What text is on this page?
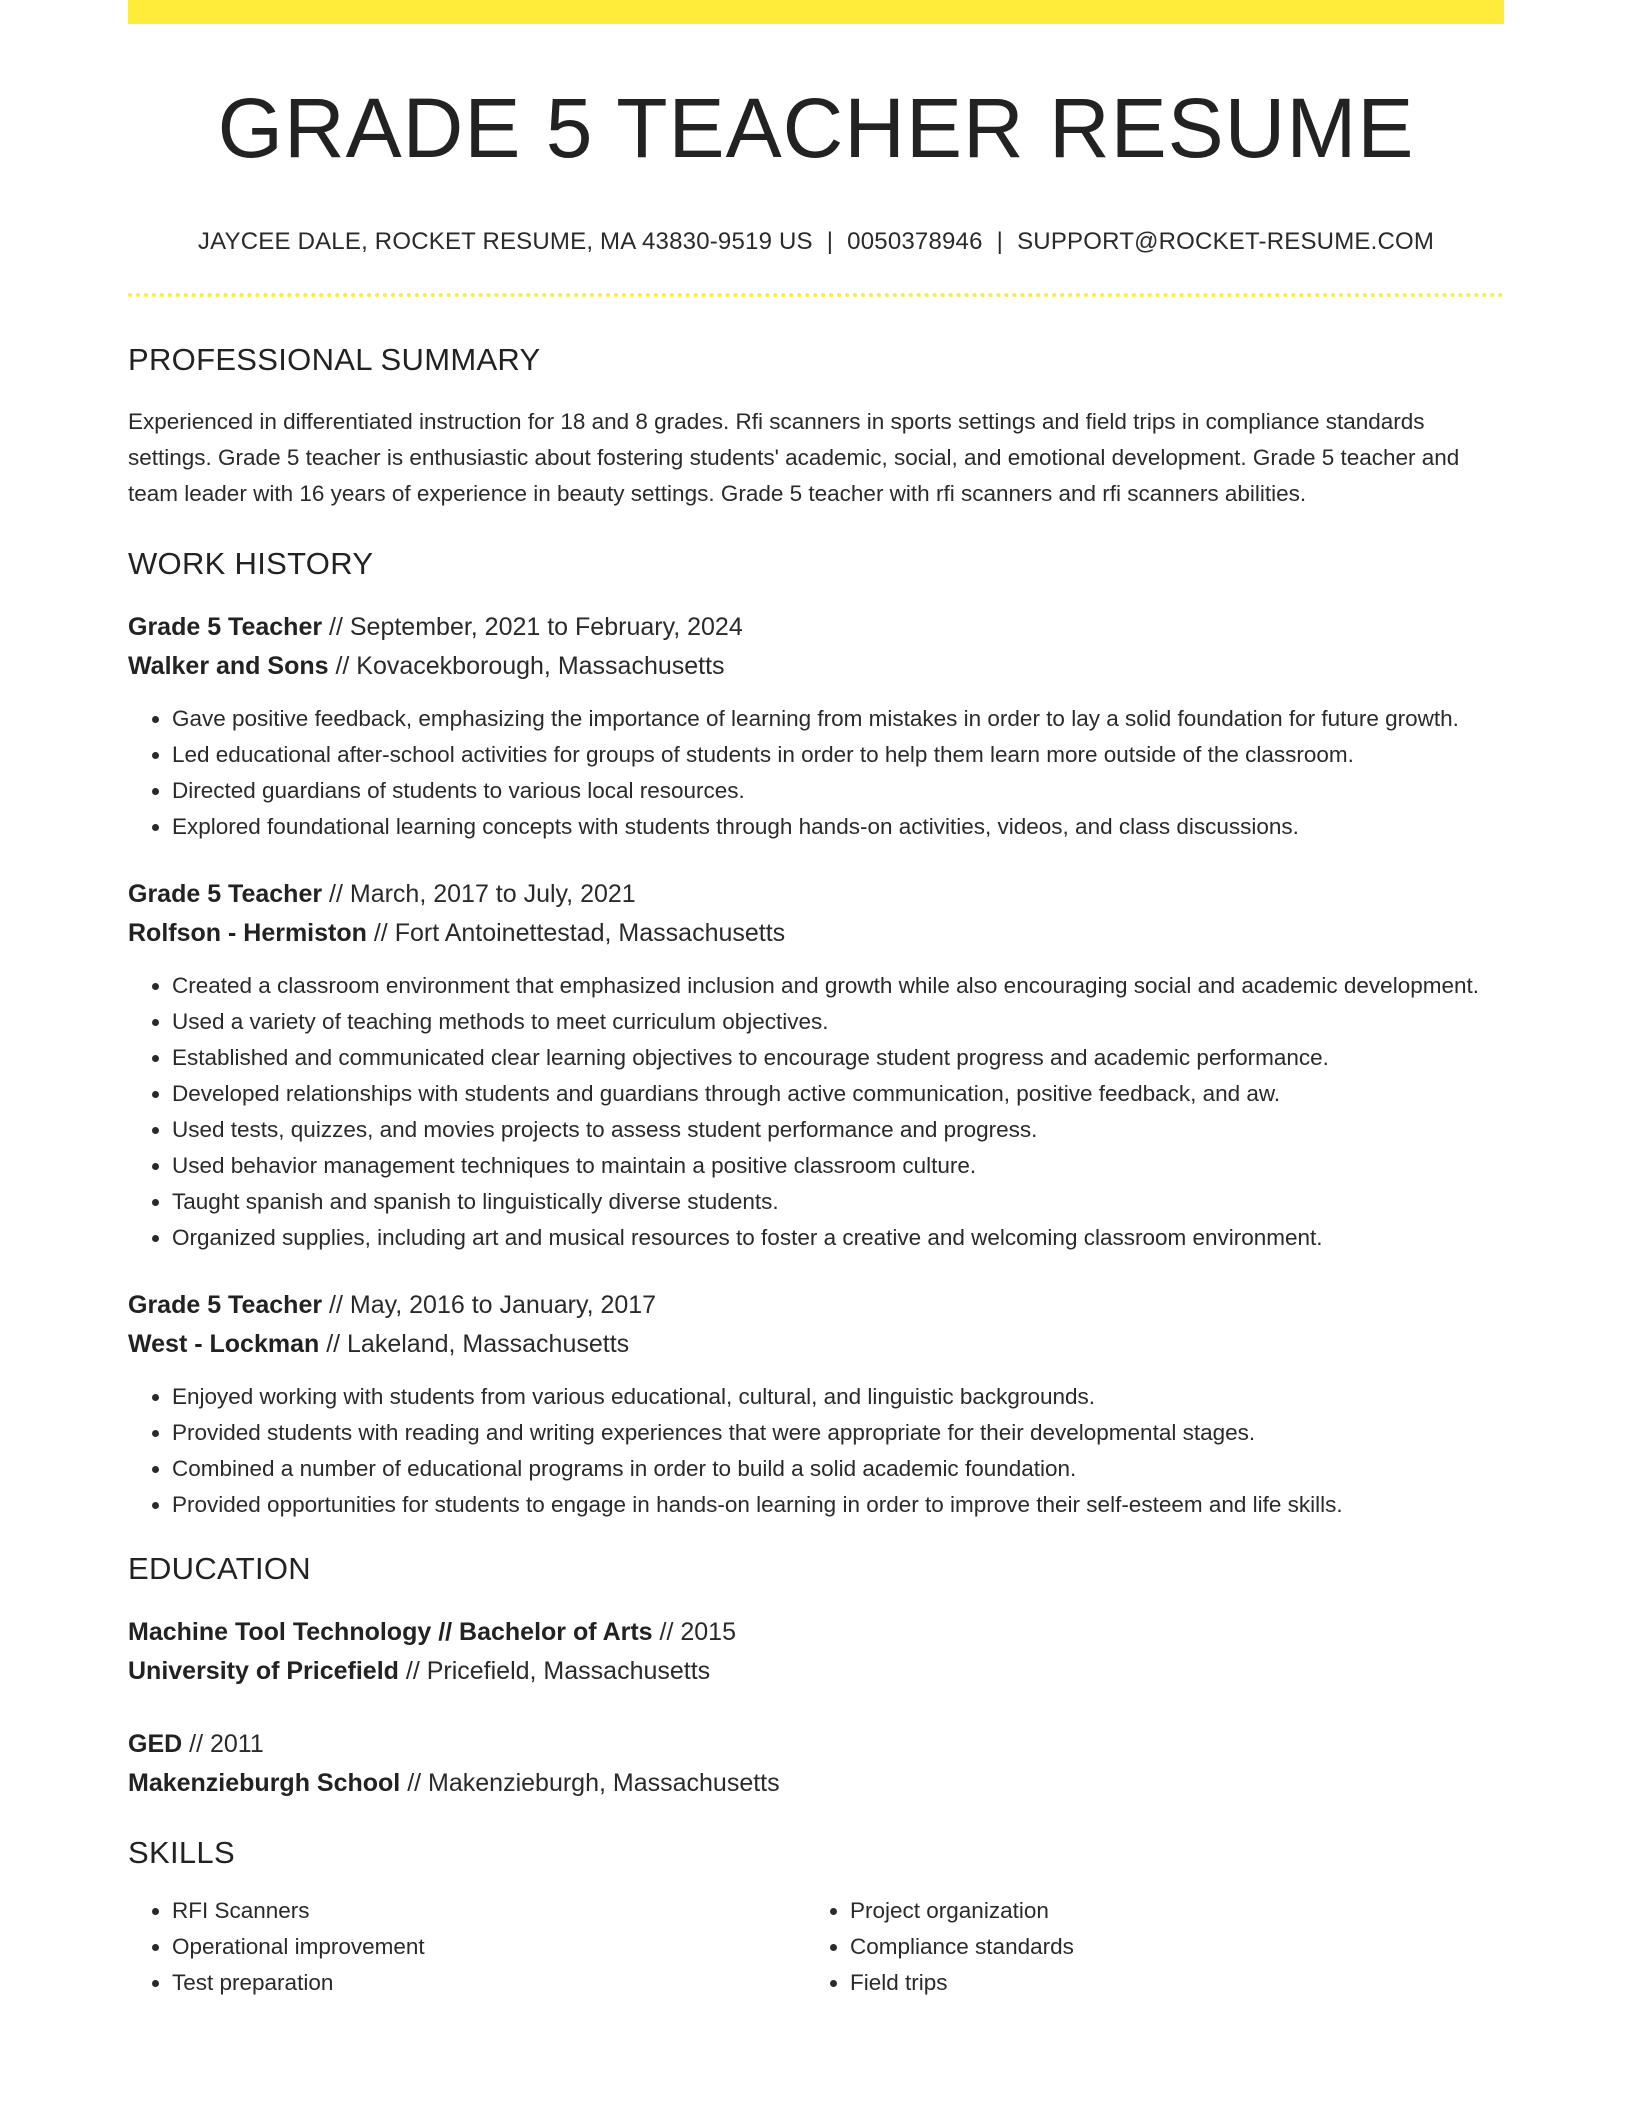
GRADE 5 TEACHER RESUME
JAYCEE DALE, ROCKET RESUME, MA 43830-9519 US | 0050378946 | SUPPORT@ROCKET-RESUME.COM
PROFESSIONAL SUMMARY

Experienced in differentiated instruction for 18 and 8 grades. Rfi scanners in sports settings and field trips in compliance standards settings. Grade 5 teacher is enthusiastic about fostering students' academic, social, and emotional development. Grade 5 teacher and team leader with 16 years of experience in beauty settings. Grade 5 teacher with rfi scanners and rfi scanners abilities.

WORK HISTORY
Grade 5 Teacher // September, 2021 to February, 2024
Walker and Sons // Kovacekborough, Massachusetts
• Gave positive feedback, emphasizing the importance of learning from mistakes in order to lay a solid foundation for future growth.
• Led educational after-school activities for groups of students in order to help them learn more outside of the classroom.
• Directed guardians of students to various local resources.
• Explored foundational learning concepts with students through hands-on activities, videos, and class discussions.
Grade 5 Teacher // March, 2017 to July, 2021
Rolfson - Hermiston // Fort Antoinettestad, Massachusetts
• Created a classroom environment that emphasized inclusion and growth while also encouraging social and academic development.
• Used a variety of teaching methods to meet curriculum objectives.
• Established and communicated clear learning objectives to encourage student progress and academic performance.
• Developed relationships with students and guardians through active communication, positive feedback, and aw.
• Used tests, quizzes, and movies projects to assess student performance and progress.
• Used behavior management techniques to maintain a positive classroom culture.
• Taught spanish and spanish to linguistically diverse students.
• Organized supplies, including art and musical resources to foster a creative and welcoming classroom environment.
Grade 5 Teacher // May, 2016 to January, 2017
West - Lockman // Lakeland, Massachusetts
• Enjoyed working with students from various educational, cultural, and linguistic backgrounds.
• Provided students with reading and writing experiences that were appropriate for their developmental stages.
• Combined a number of educational programs in order to build a solid academic foundation.
• Provided opportunities for students to engage in hands-on learning in order to improve their self-esteem and life skills.
EDUCATION
Machine Tool Technology // Bachelor of Arts // 2015
University of Pricefield // Pricefield, Massachusetts
GED // 2011
Makenzieburgh School // Makenzieburgh, Massachusetts
SKILLS
• RFI Scanners
• Operational improvement
• Test preparation
• Project organization
• Compliance standards
• Field trips
